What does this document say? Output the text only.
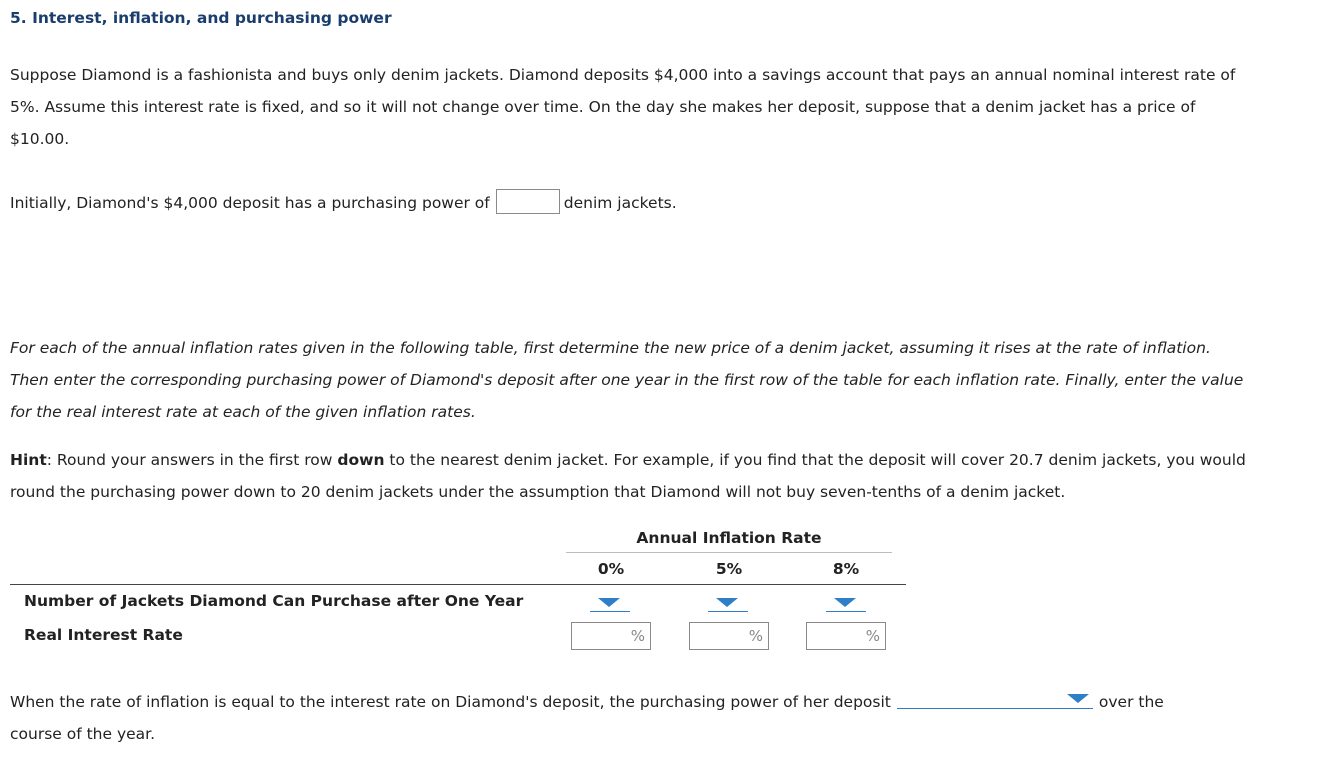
5. Interest, inflation, and purchasing power

Suppose Diamond is a fashionista and buys only denim jackets. Diamond deposits $4,000 into a savings account that pays an annual nominal interest rate of 5%. Assume this interest rate is fixed, and so it will not change over time. On the day she makes her deposit, suppose that a denim jacket has a price of $10.00.

Initially, Diamond's $4,000 deposit has a purchasing power of	denim jackets.

For each of the annual inflation rates given in the following table, first determine the new price of a denim jacket, assuming it rises at the rate of inflation. Then enter the corresponding purchasing power of Diamond's deposit after one year in the first row of the table for each inflation rate. Finally, enter the value for the real interest rate at each of the given inflation rates.

Hint: Round your answers in the first row down to the nearest denim jacket. For example, if you find that the deposit will cover 20.7 denim jackets, you would round the purchasing power down to 20 denim jackets under the assumption that Diamond will not buy seven-tenths of a denim jacket.

Annual Inflation Rate
0%	5%	8%
Number of Jackets Diamond Can Purchase after One Year
Real Interest Rate	%	%	%

When the rate of inflation is equal to the interest rate on Diamond's deposit, the purchasing power of her deposit	over the course of the year.
